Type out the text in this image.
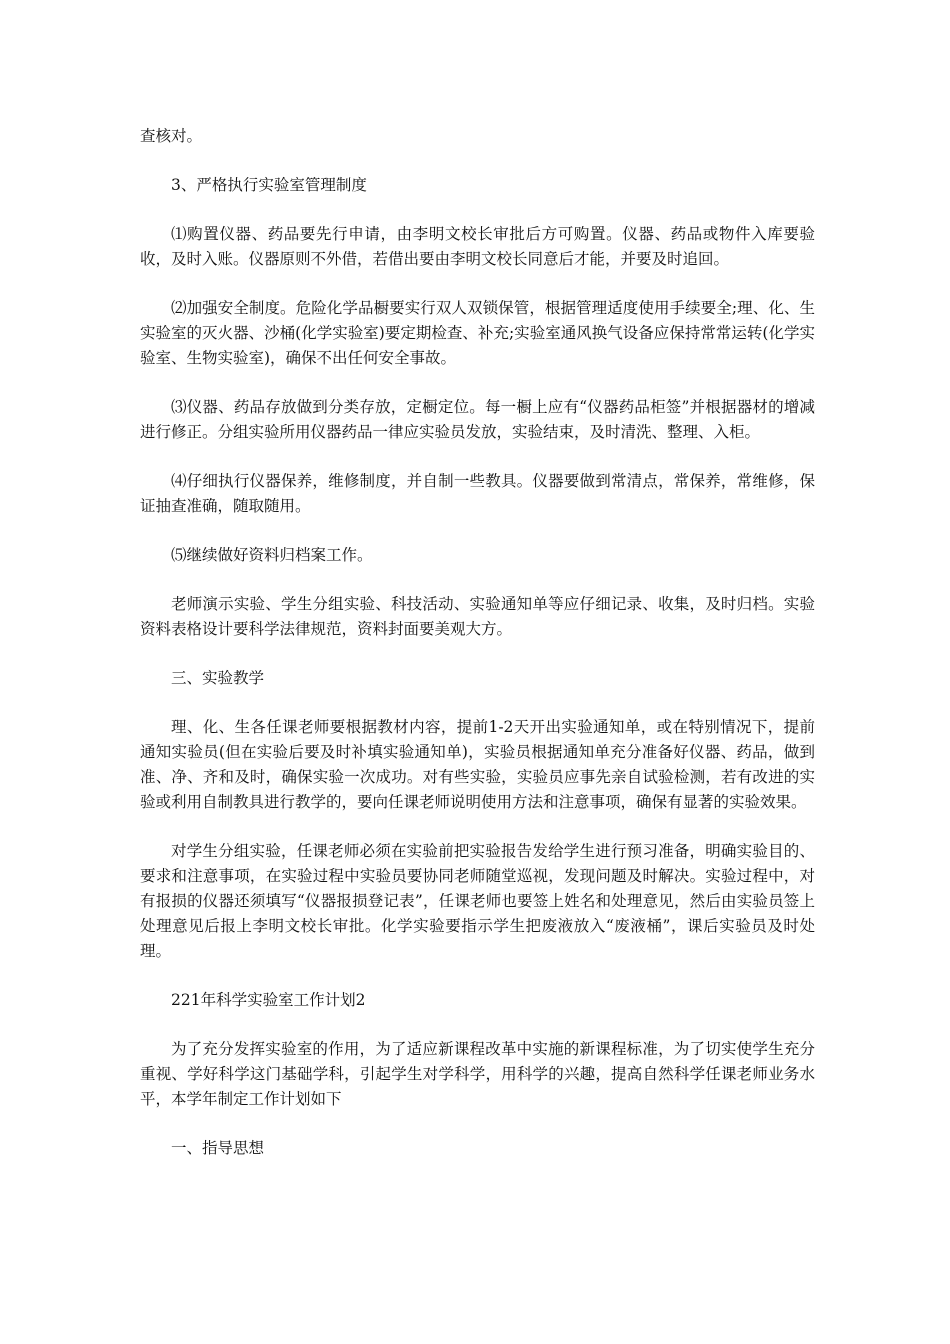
查核对。

3、严格执行实验室管理制度

⑴购置仪器、药品要先行申请，由李明文校长审批后方可购置。仪器、药品或物件入库要验收，及时入账。仪器原则不外借，若借出要由李明文校长同意后才能，并要及时追回。

⑵加强安全制度。危险化学品橱要实行双人双锁保管，根据管理适度使用手续要全;理、化、生实验室的灭火器、沙桶(化学实验室)要定期检查、补充;实验室通风换气设备应保持常常运转(化学实验室、生物实验室)，确保不出任何安全事故。

⑶仪器、药品存放做到分类存放，定橱定位。每一橱上应有“仪器药品柜签”并根据器材的增减进行修正。分组实验所用仪器药品一律应实验员发放，实验结束，及时清洗、整理、入柜。

⑷仔细执行仪器保养，维修制度，并自制一些教具。仪器要做到常清点，常保养，常维修，保证抽查准确，随取随用。

⑸继续做好资料归档案工作。

老师演示实验、学生分组实验、科技活动、实验通知单等应仔细记录、收集，及时归档。实验资料表格设计要科学法律规范，资料封面要美观大方。

三、实验教学

理、化、生各任课老师要根据教材内容，提前1-2天开出实验通知单，或在特别情况下，提前通知实验员(但在实验后要及时补填实验通知单)，实验员根据通知单充分准备好仪器、药品，做到准、净、齐和及时，确保实验一次成功。对有些实验，实验员应事先亲自试验检测，若有改进的实验或利用自制教具进行教学的，要向任课老师说明使用方法和注意事项，确保有显著的实验效果。

对学生分组实验，任课老师必须在实验前把实验报告发给学生进行预习准备，明确实验目的、要求和注意事项，在实验过程中实验员要协同老师随堂巡视，发现问题及时解决。实验过程中，对有报损的仪器还须填写“仪器报损登记表”，任课老师也要签上姓名和处理意见，然后由实验员签上处理意见后报上李明文校长审批。化学实验要指示学生把废液放入“废液桶”，课后实验员及时处理。

221年科学实验室工作计划2

为了充分发挥实验室的作用，为了适应新课程改革中实施的新课程标准，为了切实使学生充分重视、学好科学这门基础学科，引起学生对学科学，用科学的兴趣，提高自然科学任课老师业务水平，本学年制定工作计划如下

一、指导思想
